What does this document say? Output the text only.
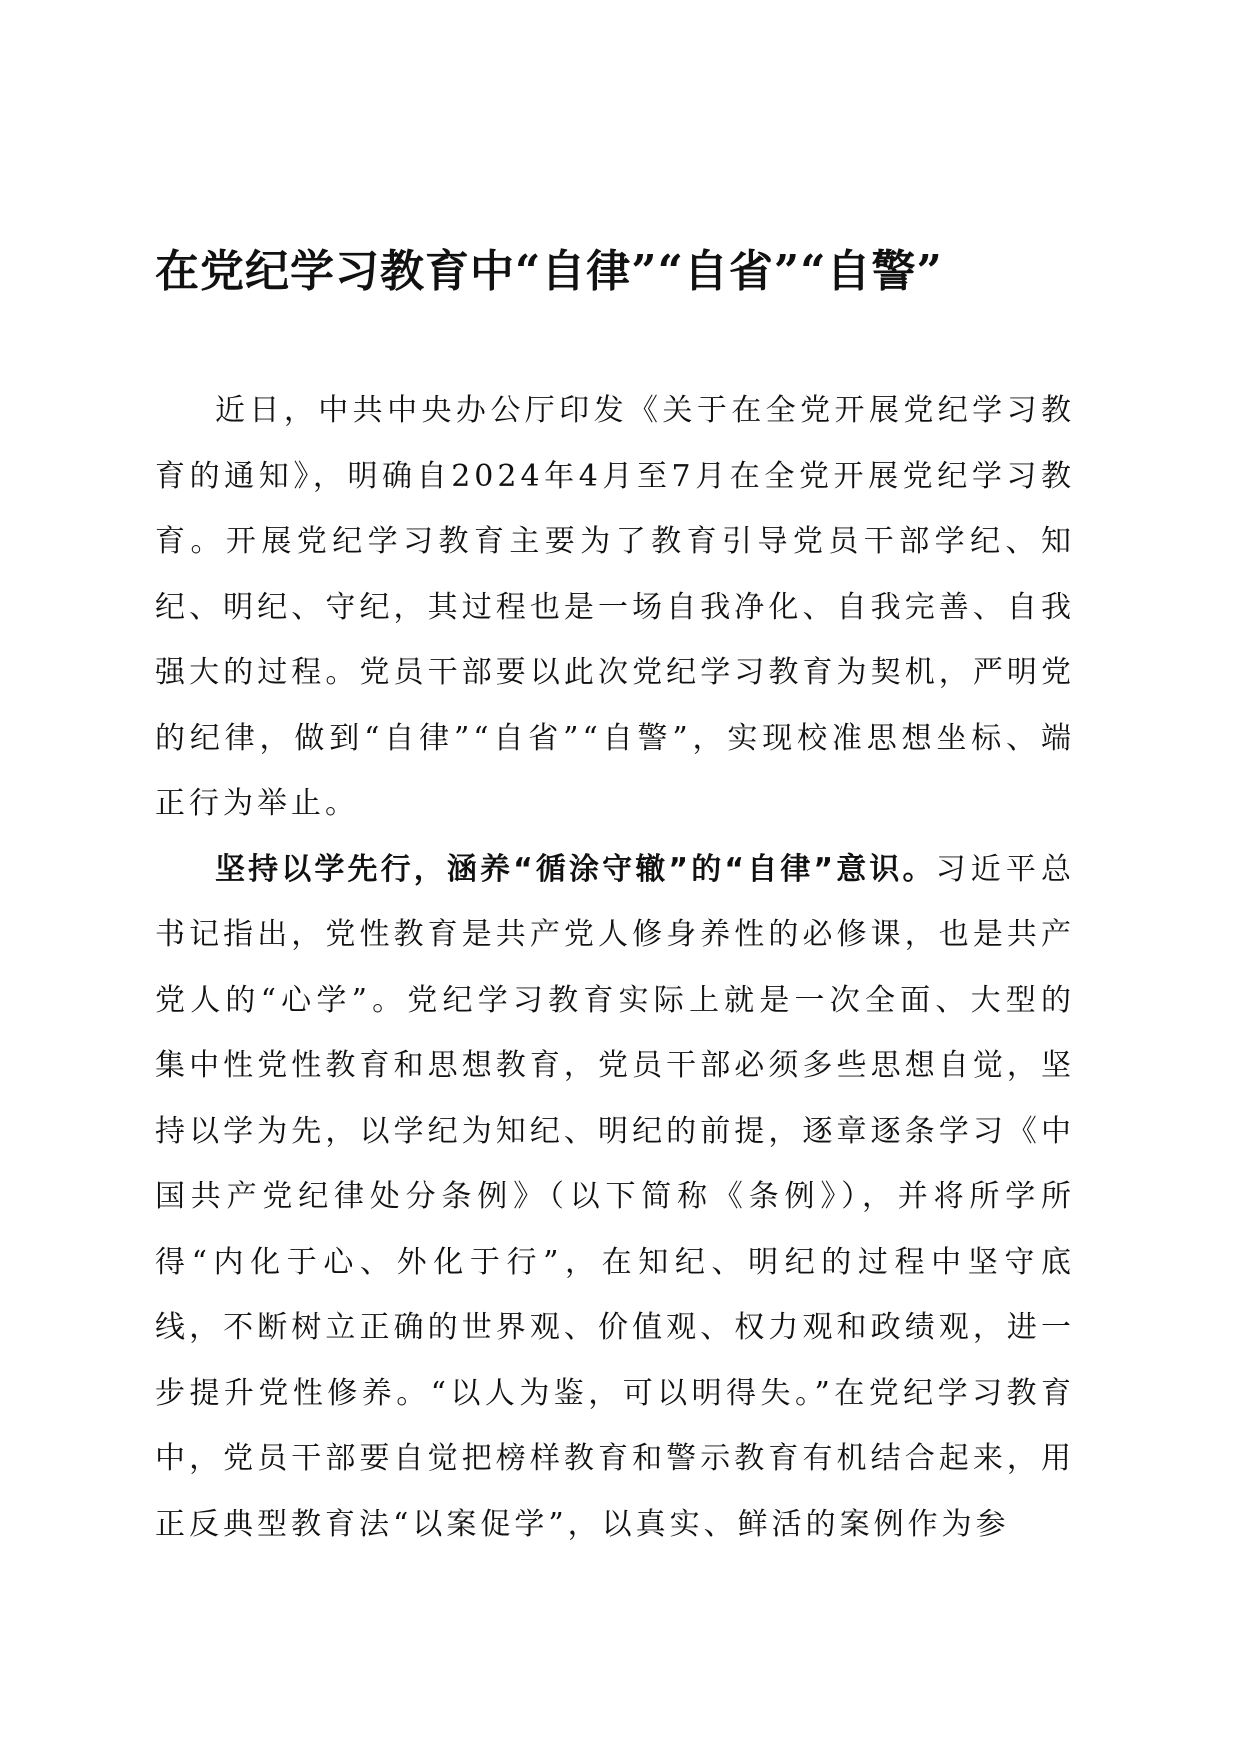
在党纪学习教育中“自律”“自省”“自警”

近日，中共中央办公厅印发《关于在全党开展党纪学习教育的通知》，明确自2024年4月至7月在全党开展党纪学习教育。开展党纪学习教育主要为了教育引导党员干部学纪、知纪、明纪、守纪，其过程也是一场自我净化、自我完善、自我强大的过程。党员干部要以此次党纪学习教育为契机，严明党的纪律，做到“自律”“自省”“自警”，实现校准思想坐标、端正行为举止。

坚持以学先行，涵养“循涂守辙”的“自律”意识。习近平总书记指出，党性教育是共产党人修身养性的必修课，也是共产党人的“心学”。党纪学习教育实际上就是一次全面、大型的集中性党性教育和思想教育，党员干部必须多些思想自觉，坚持以学为先，以学纪为知纪、明纪的前提，逐章逐条学习《中国共产党纪律处分条例》（以下简称《条例》），并将所学所得“内化于心、外化于行”，在知纪、明纪的过程中坚守底线，不断树立正确的世界观、价值观、权力观和政绩观，进一步提升党性修养。“以人为鉴，可以明得失。”在党纪学习教育中，党员干部要自觉把榜样教育和警示教育有机结合起来，用正反典型教育法“以案促学”，以真实、鲜活的案例作为参
